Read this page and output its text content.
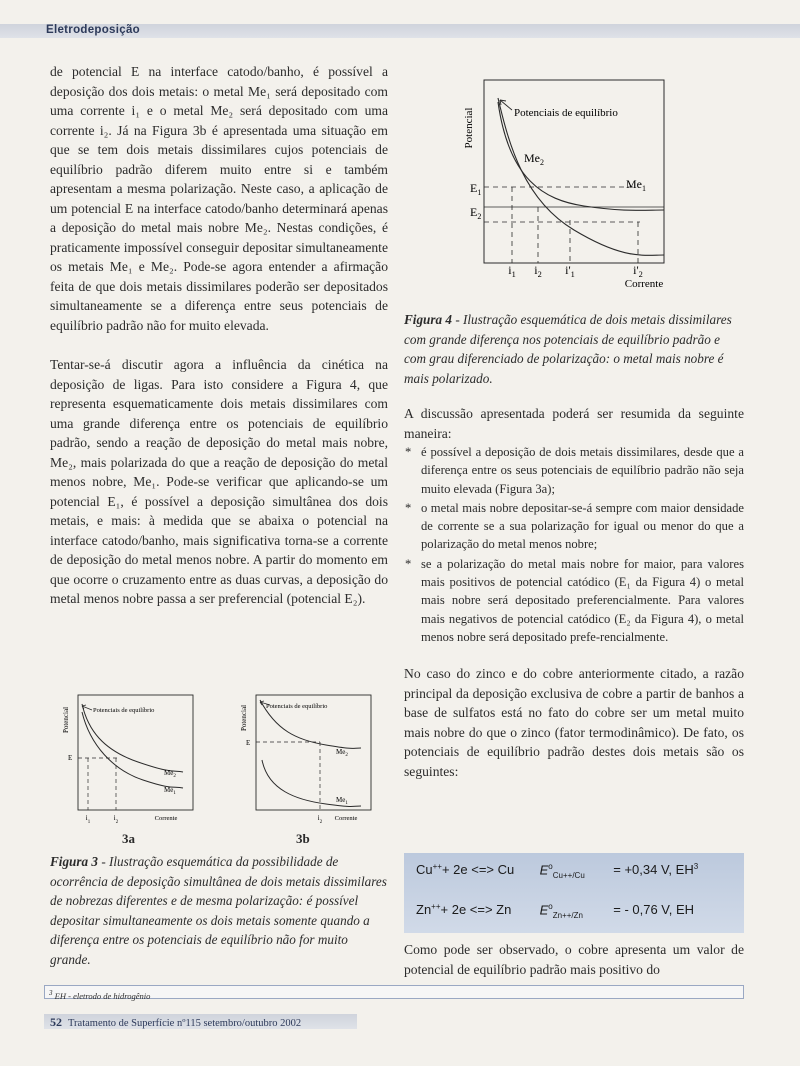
Eletrodeposição

de potencial E na interface catodo/banho, é possível a deposição dos dois metais: o metal Me₁ será depositado com uma corrente i₁ e o metal Me₂ será depositado com uma corrente i₂. Já na Figura 3b é apresentada uma situação em que se tem dois metais dissimilares cujos potenciais de equilíbrio padrão diferem muito entre si e também apresentam a mesma polarização. Neste caso, a aplicação de um potencial E na interface catodo/banho determinará apenas a deposição do metal mais nobre Me₂. Nestas condições, é praticamente impossível conseguir depositar simultaneamente os metais Me₁ e Me₂. Pode-se agora entender a afirmação feita de que dois metais dissimilares poderão ser depositados simultaneamente se a diferença entre seus potenciais de equilíbrio padrão não for muito elevada.

Tentar-se-á discutir agora a influência da cinética na deposição de ligas. Para isto considere a Figura 4, que representa esquematicamente dois metais dissimilares com uma grande diferença entre os potenciais de equilíbrio padrão, sendo a reação de deposição do metal mais nobre, Me₂, mais polarizada do que a reação de deposição do metal menos nobre, Me₁. Pode-se verificar que aplicando-se um potencial E₁, é possível a deposição simultânea dos dois metais, e mais: à medida que se abaixa o potencial na interface catodo/banho, mais significativa torna-se a corrente de deposição do metal menos nobre. A partir do momento em que ocorre o cruzamento entre as duas curvas, a deposição do metal menos nobre passa a ser preferencial (potencial E₂).

Potencial	Potenciais de equilíbrio
$Me_2$
$Me_1$
$E_1$
$E_2$
$i_1$ $i_2$ $i'_1$	$i'_2$
Corrente
Figura 4 - Ilustração esquemática de dois metais dissimilares com grande diferença nos potenciais de equilíbrio padrão e com grau diferenciado de polarização: o metal mais nobre é mais polarizado.

A discussão apresentada poderá ser resumida da seguinte maneira:

* é possível a deposição de dois metais dissimilares, desde que a diferença entre os seus potenciais de equilíbrio padrão não seja muito elevada (Figura 3a);
* o metal mais nobre depositar-se-á sempre com maior densidade de corrente se a sua polarização for igual ou menor do que a polarização do metal menos nobre;
* se a polarização do metal mais nobre for maior, para valores mais positivos de potencial catódico (E₁ da Figura 4) o metal mais nobre será depositado preferencialmente. Para valores mais negativos de potencial catódico (E₂ da Figura 4), o metal menos nobre será depositado prefe-rencialmente.

No caso do zinco e do cobre anteriormente citado, a razão principal da deposição exclusiva de cobre a partir de banhos a base de sulfatos está no fato do cobre ser um metal muito mais nobre do que o zinco (fator termodinâmico). De fato, os potenciais de equilíbrio padrão destes dois metais são os seguintes:

Cu+++ 2e <=> Cu $E^o_{Cu++/Cu} = +0,34$ V, $EH^3$
Zn+++ 2e <=> Zn $E^o_{Zn++/Zn}$ = - 0,76 V, EH

Como pode ser observado, o cobre apresenta um valor de potencial de equilíbrio padrão mais positivo do

Potencial	Potenciais de equilíbrio
E
$Me_2$
$Me_1$
$i_1$
$i_2$
Corrente
3a
Potencial	Potenciais de equilíbrio
E
$Me_2$
$Me_1$
$i_2$
Corrente
3b
Figura 3 - Ilustração esquemática da possibilidade de ocorrência de deposição simultânea de dois metais dissimilares de nobrezas diferentes e de mesma polarização: é possível depositar simultaneamente os dois metais somente quando a diferença entre os potenciais de equilíbrio não for muito grande.
$^3$ EH - eletrodo de hidrogênio
52 Tratamento de Superfície nº115 setembro/outubro 2002
